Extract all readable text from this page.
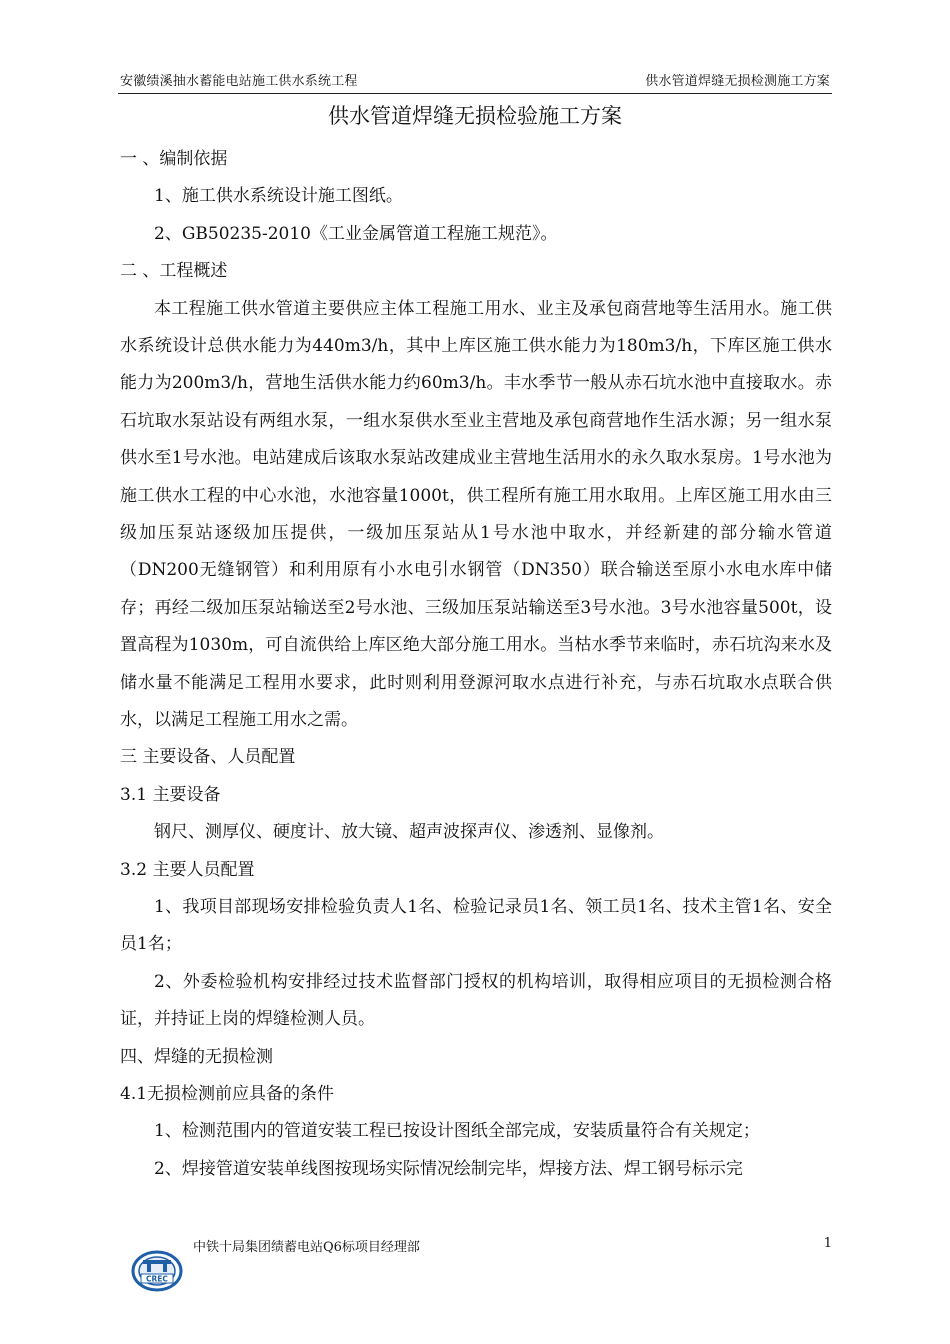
安徽绩溪抽水蓄能电站施工供水系统工程	供水管道焊缝无损检测施工方案
供水管道焊缝无损检验施工方案
一 、编制依据
1、施工供水系统设计施工图纸。
2、GB50235-2010《工业金属管道工程施工规范》。
二 、工程概述
本工程施工供水管道主要供应主体工程施工用水、业主及承包商营地等生活用水。施工供水系统设计总供水能力为440m3/h，其中上库区施工供水能力为180m3/h，下库区施工供水能力为200m3/h，营地生活供水能力约60m3/h。丰水季节一般从赤石坑水池中直接取水。赤石坑取水泵站设有两组水泵，一组水泵供水至业主营地及承包商营地作生活水源；另一组水泵供水至1号水池。电站建成后该取水泵站改建成业主营地生活用水的永久取水泵房。1号水池为施工供水工程的中心水池，水池容量1000t，供工程所有施工用水取用。上库区施工用水由三级加压泵站逐级加压提供，一级加压泵站从1号水池中取水，并经新建的部分输水管道（DN200无缝钢管）和利用原有小水电引水钢管（DN350）联合输送至原小水电水库中储存；再经二级加压泵站输送至2号水池、三级加压泵站输送至3号水池。3号水池容量500t，设置高程为1030m，可自流供给上库区绝大部分施工用水。当枯水季节来临时，赤石坑沟来水及储水量不能满足工程用水要求，此时则利用登源河取水点进行补充，与赤石坑取水点联合供水，以满足工程施工用水之需。
三 主要设备、人员配置
3.1 主要设备
钢尺、测厚仪、硬度计、放大镜、超声波探声仪、渗透剂、显像剂。
3.2 主要人员配置
1、我项目部现场安排检验负责人1名、检验记录员1名、领工员1名、技术主管1名、安全员1名；
2、外委检验机构安排经过技术监督部门授权的机构培训，取得相应项目的无损检测合格证，并持证上岗的焊缝检测人员。
四、焊缝的无损检测
4.1无损检测前应具备的条件
1、检测范围内的管道安装工程已按设计图纸全部完成，安装质量符合有关规定；
2、焊接管道安装单线图按现场实际情况绘制完毕，焊接方法、焊工钢号标示完
CREC
中铁十局集团绩蓄电站Q6标项目经理部	1
